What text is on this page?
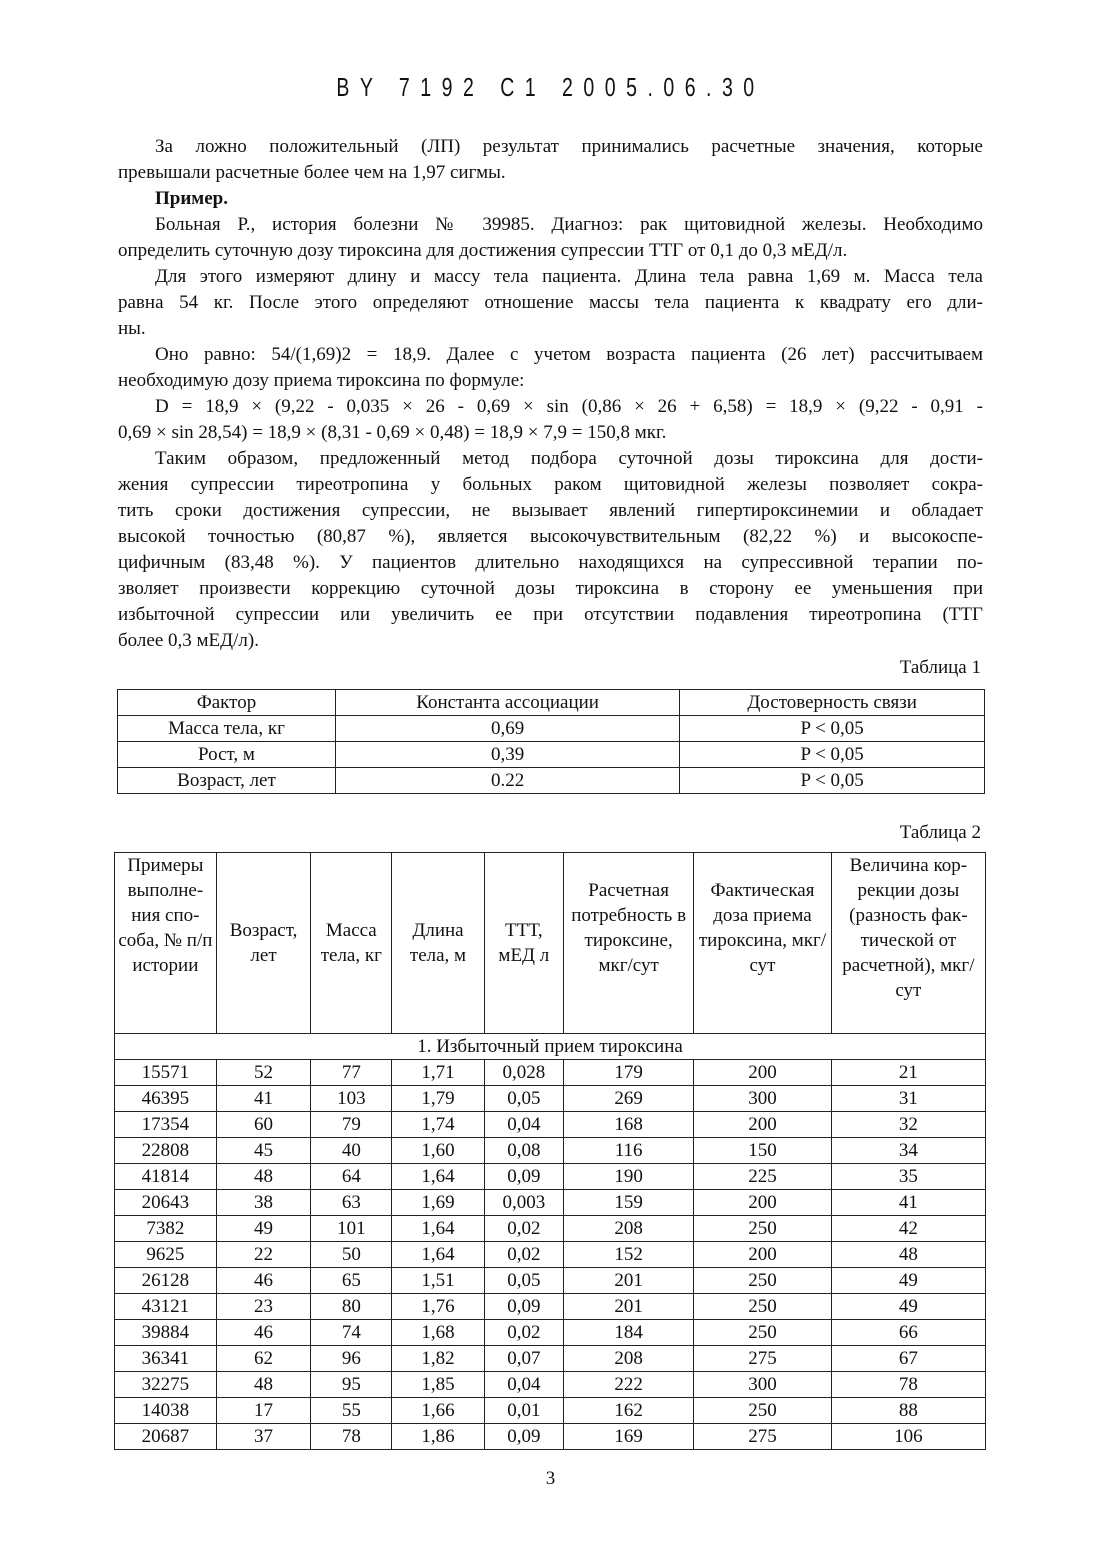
BY 7192 C1 2005.06.30
За ложно положительный (ЛП) результат принимались расчетные значения, которые
превышали расчетные более чем на 1,97 сигмы.
Пример.
Больная Р., история болезни № 39985. Диагноз: рак щитовидной железы. Необходимо
определить суточную дозу тироксина для достижения супрессии ТТГ от 0,1 до 0,3 мЕД/л.
Для этого измеряют длину и массу тела пациента. Длина тела равна 1,69 м. Масса тела
равна 54 кг. После этого определяют отношение массы тела пациента к квадрату его дли-
ны.
Оно равно: 54/(1,69)2 = 18,9. Далее с учетом возраста пациента (26 лет) рассчитываем
необходимую дозу приема тироксина по формуле:
D = 18,9 × (9,22 - 0,035 × 26 - 0,69 × sin (0,86 × 26 + 6,58) = 18,9 × (9,22 - 0,91 -
0,69 × sin 28,54) = 18,9 × (8,31 - 0,69 × 0,48) = 18,9 × 7,9 = 150,8 мкг.
Таким образом, предложенный метод подбора суточной дозы тироксина для дости-
жения супрессии тиреотропина у больных раком щитовидной железы позволяет сокра-
тить сроки достижения супрессии, не вызывает явлений гипертироксинемии и обладает
высокой точностью (80,87 %), является высокочувствительным (82,22 %) и высокоспе-
цифичным (83,48 %). У пациентов длительно находящихся на супрессивной терапии по-
зволяет произвести коррекцию суточной дозы тироксина в сторону ее уменьшения при
избыточной супрессии или увеличить ее при отсутствии подавления тиреотропина (ТТГ
более 0,3 мЕД/л).
Таблица 1
Фактор	Константа ассоциации	Достоверность связи
Масса тела, кг	0,69	P < 0,05
Рост, м	0,39	P < 0,05
Возраст, лет	0.22	P < 0,05
Таблица 2
Примеры выполне- ния спо- соба, № п/п истории	Возраст, лет	Масса тела, кг	Длина тела, м	ТТТ, мЕД л	Расчетная потребность в тироксине, мкг/сут	Фактическая доза приема тироксина, мкг/сут	Величина кор- рекции дозы (разность фак- тической от расчетной), мкг/сут
1. Избыточный прием тироксина							
15571	52	77	1,71	0,028	179	200	21
46395	41	103	1,79	0,05	269	300	31
17354	60	79	1,74	0,04	168	200	32
22808	45	40	1,60	0,08	116	150	34
41814	48	64	1,64	0,09	190	225	35
20643	38	63	1,69	0,003	159	200	41
7382	49	101	1,64	0,02	208	250	42
9625	22	50	1,64	0,02	152	200	48
26128	46	65	1,51	0,05	201	250	49
43121	23	80	1,76	0,09	201	250	49
39884	46	74	1,68	0,02	184	250	66
36341	62	96	1,82	0,07	208	275	67
32275	48	95	1,85	0,04	222	300	78
14038	17	55	1,66	0,01	162	250	88
20687	37	78	1,86	0,09	169	275	106
3
